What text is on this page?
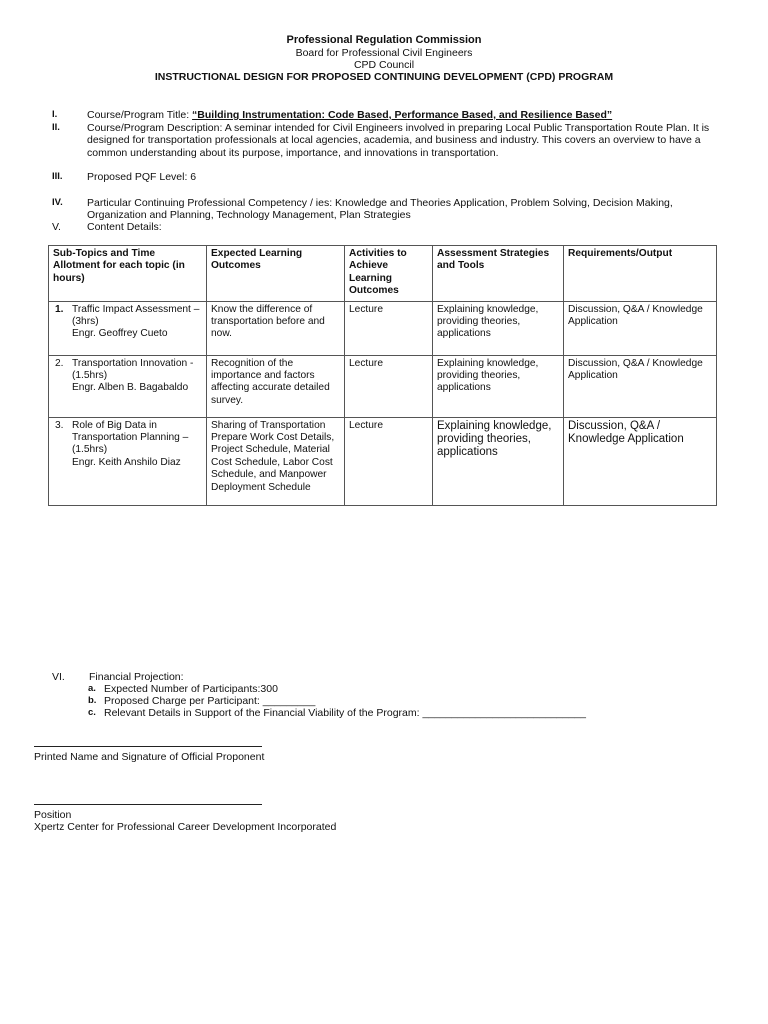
Professional Regulation Commission
Board for Professional Civil Engineers
CPD Council
INSTRUCTIONAL DESIGN FOR PROPOSED CONTINUING DEVELOPMENT (CPD) PROGRAM
I.	Course/Program Title: “Building Instrumentation: Code Based, Performance Based, and Resilience Based”
II.	Course/Program Description: A seminar intended for Civil Engineers involved in preparing Local Public Transportation Route Plan. It is designed for transportation professionals at local agencies, academia, and business and industry. This covers an overview to have a common understanding about its purpose, importance, and innovations in transportation.
III. Proposed PQF Level: 6
IV. Particular Continuing Professional Competency / ies: Knowledge and Theories Application, Problem Solving, Decision Making, Organization and Planning, Technology Management, Plan Strategies
V. Content Details:
Sub-Topics and Time Allotment for each topic (in hours)	Expected Learning Outcomes	Activities to Achieve Learning Outcomes	Assessment Strategies and Tools	Requirements/Output

1. Traffic Impact Assessment – (3hrs)
Engr. Geoffrey Cueto	Know the difference of transportation before and now.	Lecture	Explaining knowledge, providing theories, applications	Discussion, Q&A / Knowledge Application

2. Transportation Innovation - (1.5hrs)
Engr. Alben B. Bagabaldo	Recognition of the importance and factors affecting accurate detailed survey.	Lecture	Explaining knowledge, providing theories, applications	Discussion, Q&A / Knowledge Application

3. Role of Big Data in Transportation Planning – (1.5hrs)
Engr. Keith Anshilo Diaz	Sharing of Transportation Prepare Work Cost Details, Project Schedule, Material Cost Schedule, Labor Cost Schedule, and Manpower Deployment Schedule	Lecture	Explaining knowledge, providing theories, applications	Discussion, Q&A / Knowledge Application
VI. Financial Projection:
a. Expected Number of Participants:300
b. Proposed Charge per Participant: _________
c. Relevant Details in Support of the Financial Viability of the Program: ____________________________
Printed Name and Signature of Official Proponent
Position
Xpertz Center for Professional Career Development Incorporated
